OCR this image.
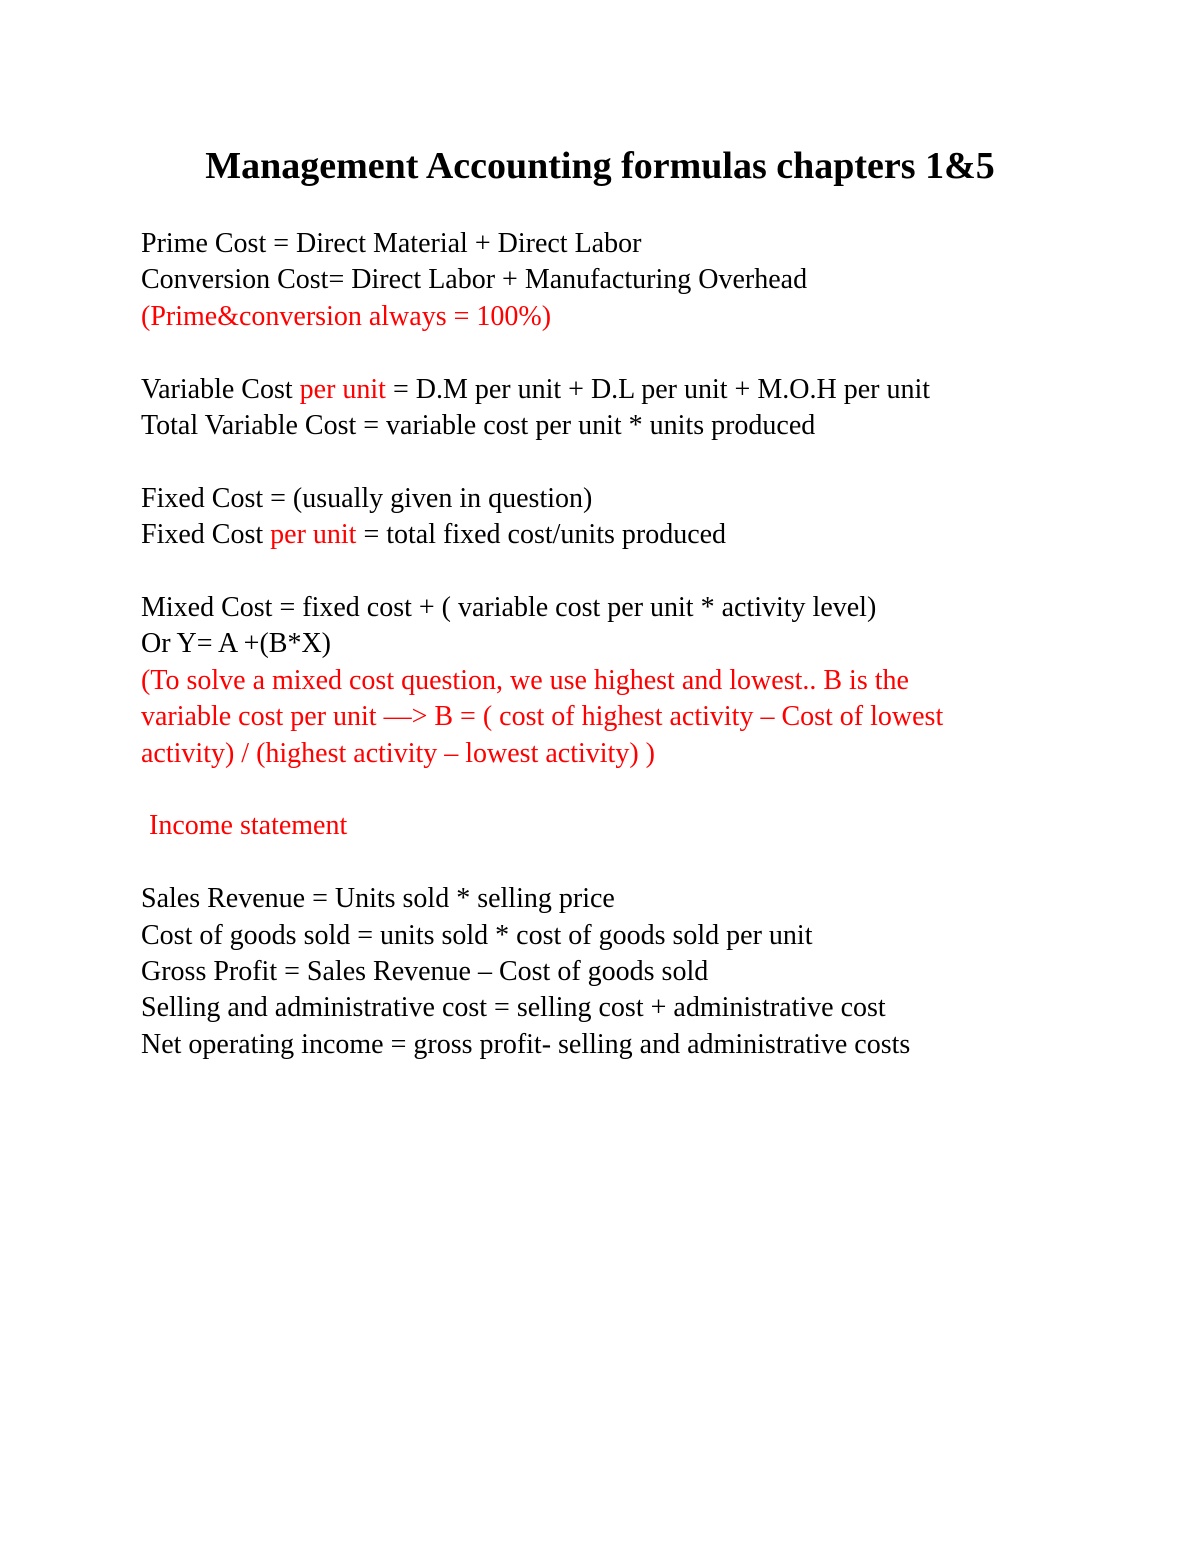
Management Accounting formulas chapters 1&5
Prime Cost = Direct Material + Direct Labor
Conversion Cost= Direct Labor + Manufacturing Overhead
(Prime&conversion always = 100%)
Variable Cost per unit = D.M per unit + D.L per unit + M.O.H per unit
Total Variable Cost = variable cost per unit * units produced
Fixed Cost = (usually given in question)
Fixed Cost per unit = total fixed cost/units produced
Mixed Cost = fixed cost + ( variable cost per unit * activity level)
Or Y= A +(B*X)
(To solve a mixed cost question, we use highest and lowest.. B is the
variable cost per unit —> B = ( cost of highest activity – Cost of lowest
activity) / (highest activity – lowest activity) )
Income statement
Sales Revenue = Units sold * selling price
Cost of goods sold = units sold * cost of goods sold per unit
Gross Profit = Sales Revenue – Cost of goods sold
Selling and administrative cost = selling cost + administrative cost
Net operating income = gross profit- selling and administrative costs
